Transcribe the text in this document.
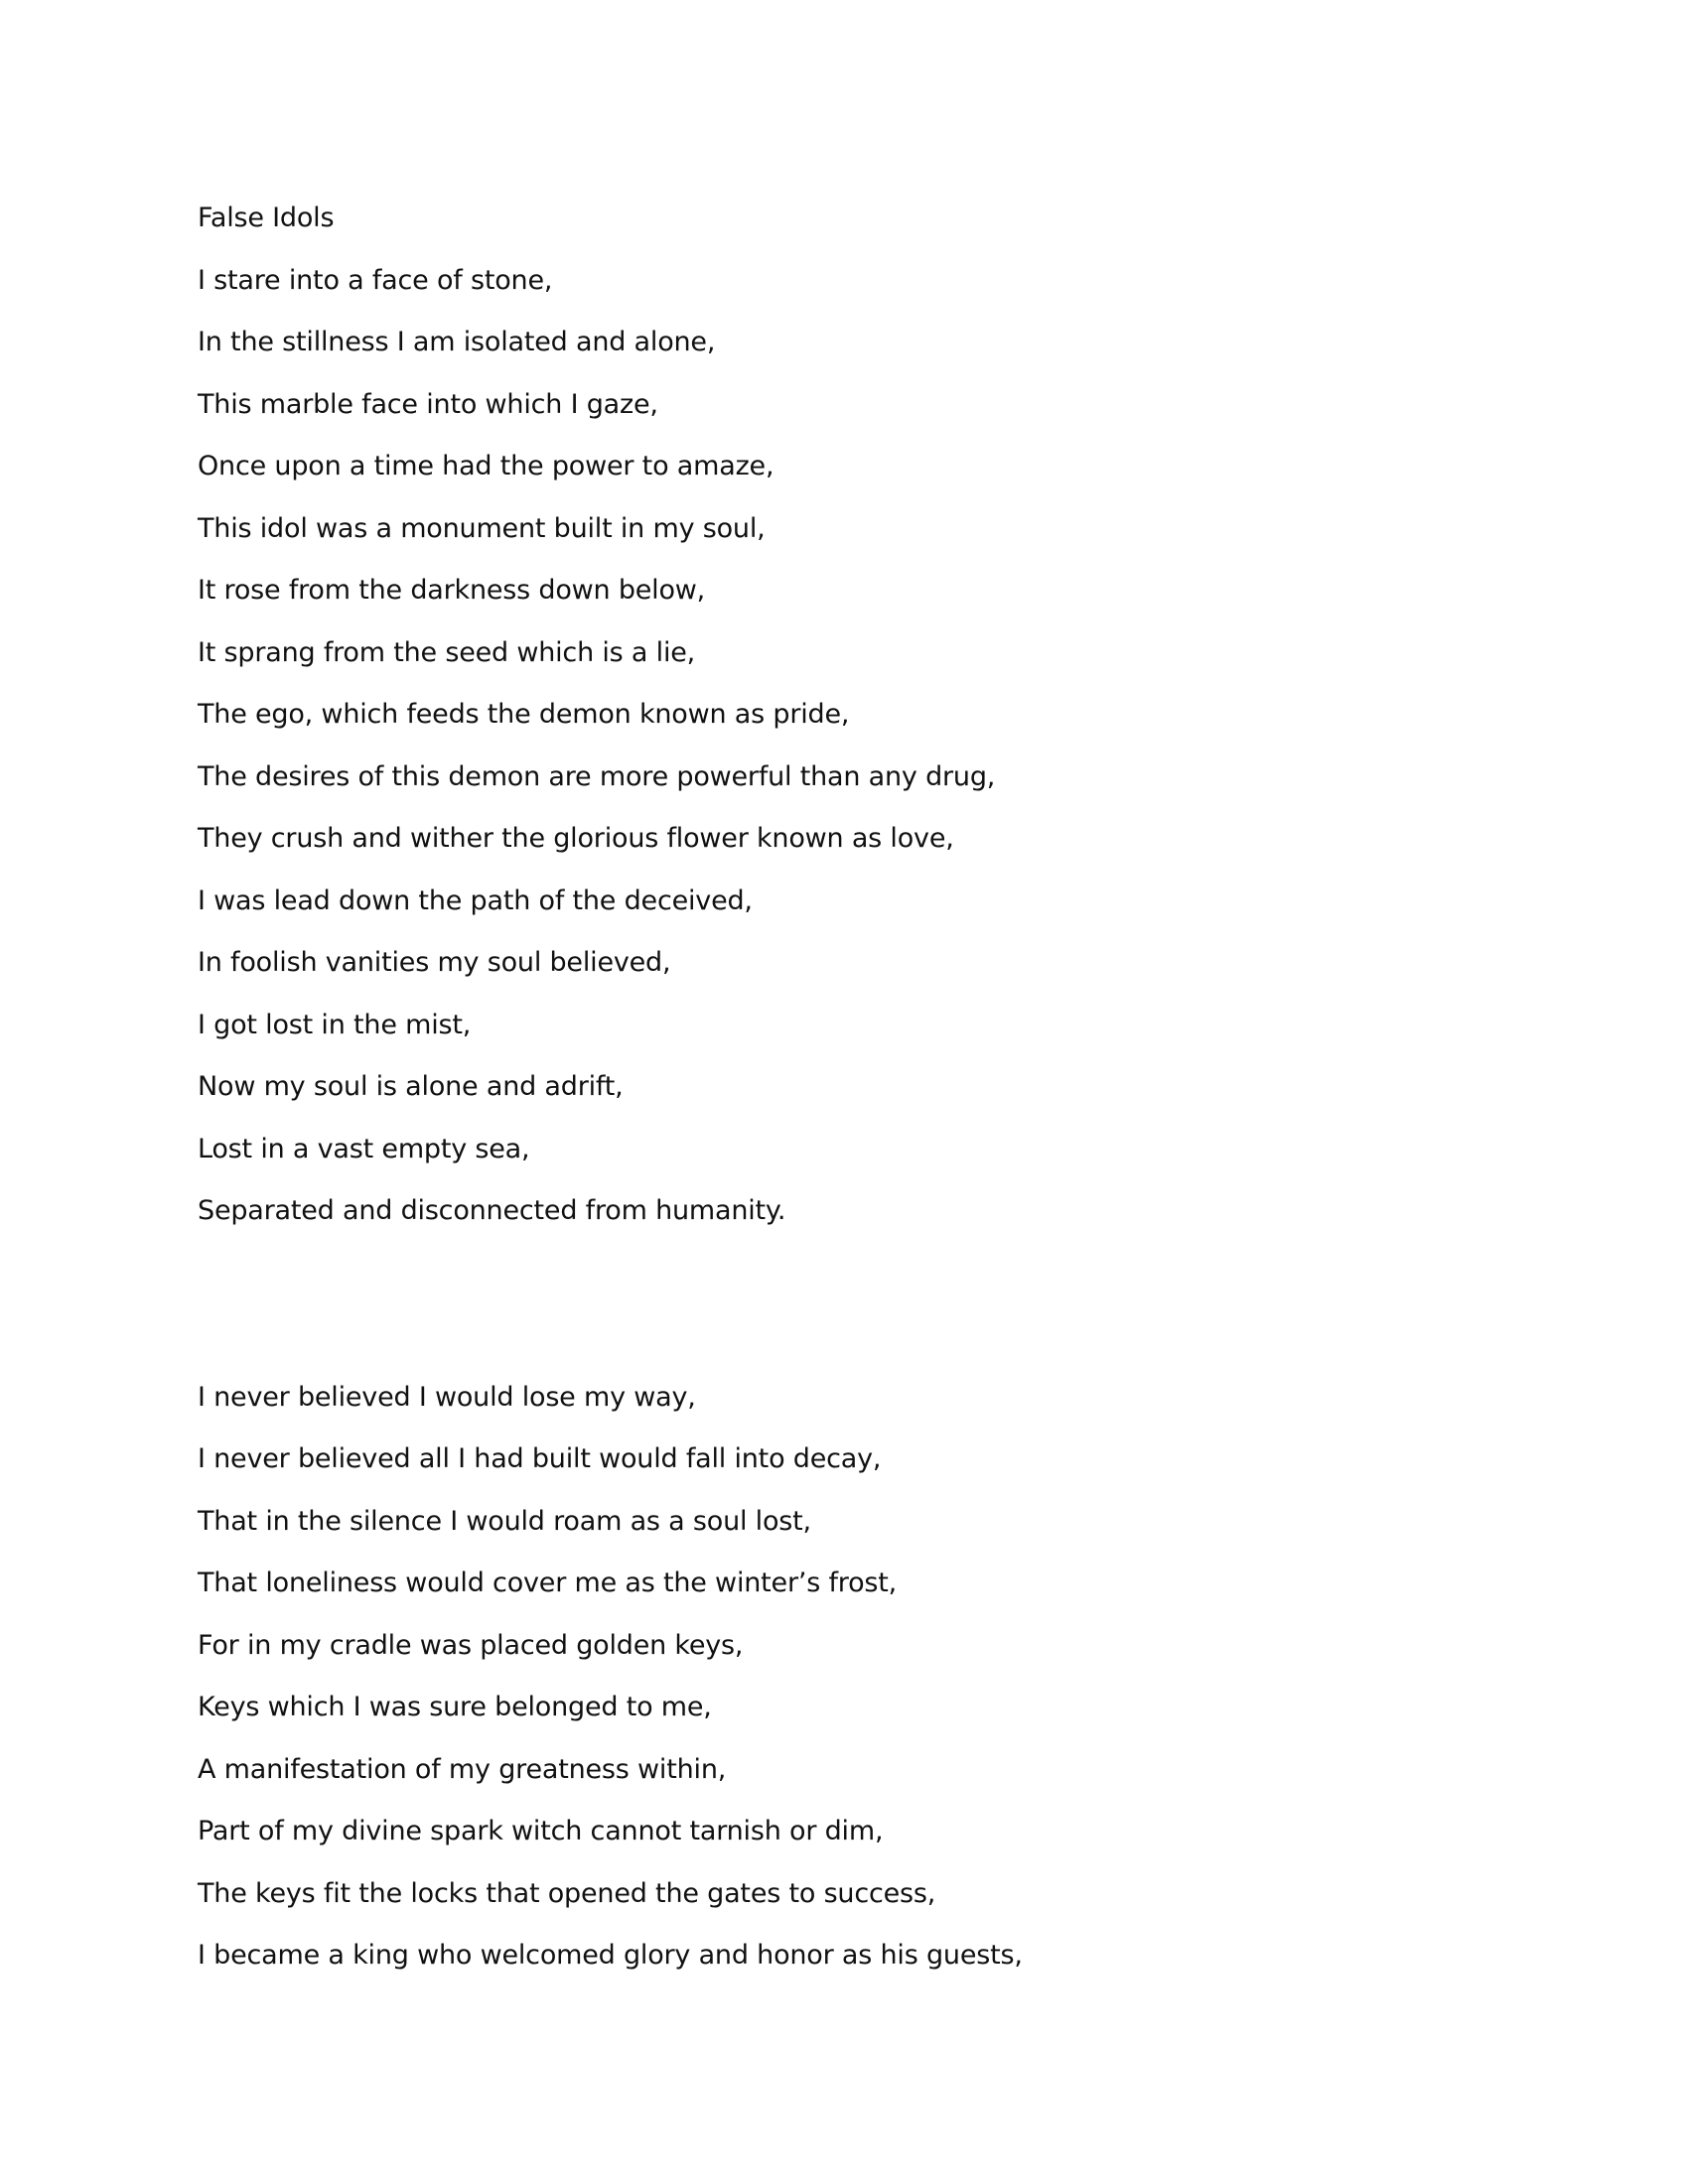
False Idols
I stare into a face of stone,
In the stillness I am isolated and alone,
This marble face into which I gaze,
Once upon a time had the power to amaze,
This idol was a monument built in my soul,
It rose from the darkness down below,
It sprang from the seed which is a lie,
The ego, which feeds the demon known as pride,
The desires of this demon are more powerful than any drug,
They crush and wither the glorious flower known as love,
I was lead down the path of the deceived,
In foolish vanities my soul believed,
I got lost in the mist,
Now my soul is alone and adrift,
Lost in a vast empty sea,
Separated and disconnected from humanity.
I never believed I would lose my way,
I never believed all I had built would fall into decay,
That in the silence I would roam as a soul lost,
That loneliness would cover me as the winter’s frost,
For in my cradle was placed golden keys,
Keys which I was sure belonged to me,
A manifestation of my greatness within,
Part of my divine spark witch cannot tarnish or dim,
The keys fit the locks that opened the gates to success,
I became a king who welcomed glory and honor as his guests,
